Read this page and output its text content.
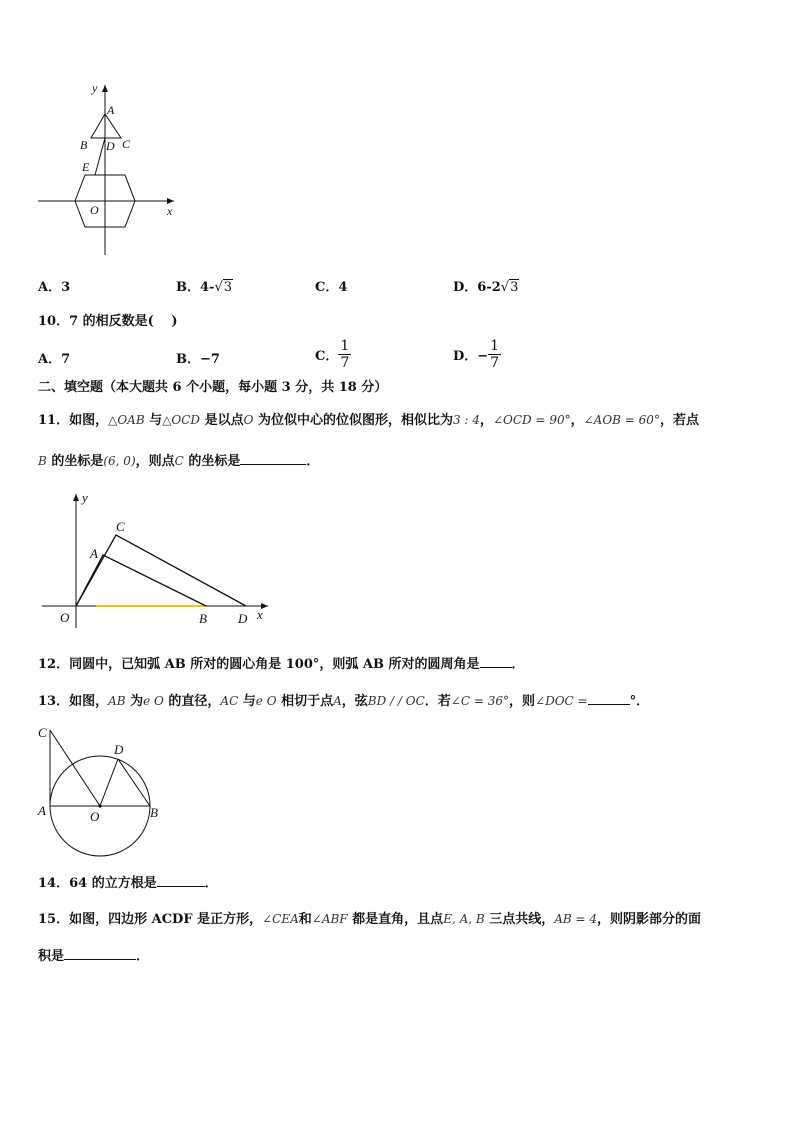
y
x
A
B D C
E
O
A．3	B．4-√3	C．4	D．6-2√3
10．7 的相反数是(　 )
A．7	B．−7	C． $\frac{1}{7}$	D．− $\frac{1}{7}$
二、填空题（本大题共 6 个小题，每小题 3 分，共 18 分）
11．如图，△OAB 与△OCD 是以点O 为位似中心的位似图形，相似比为3 : 4，∠OCD = 90°，∠AOB = 60°，若点
B 的坐标是(6, 0)，则点C 的坐标是	．
y
x
C
A
O	B D
12．同圆中，已知弧 AB 所对的圆心角是 100°，则弧 AB 所对的圆周角是 ．
13．如图，AB 为e O 的直径，AC 与e O 相切于点A，弦BD / / OC．若∠C = 36°，则∠DOC =	°．
C
D
A	O	B
14．64 的立方根是	．
15．如图，四边形 ACDF 是正方形，∠CEA和∠ABF 都是直角，且点E, A, B 三点共线，AB = 4，则阴影部分的面
积是	．
